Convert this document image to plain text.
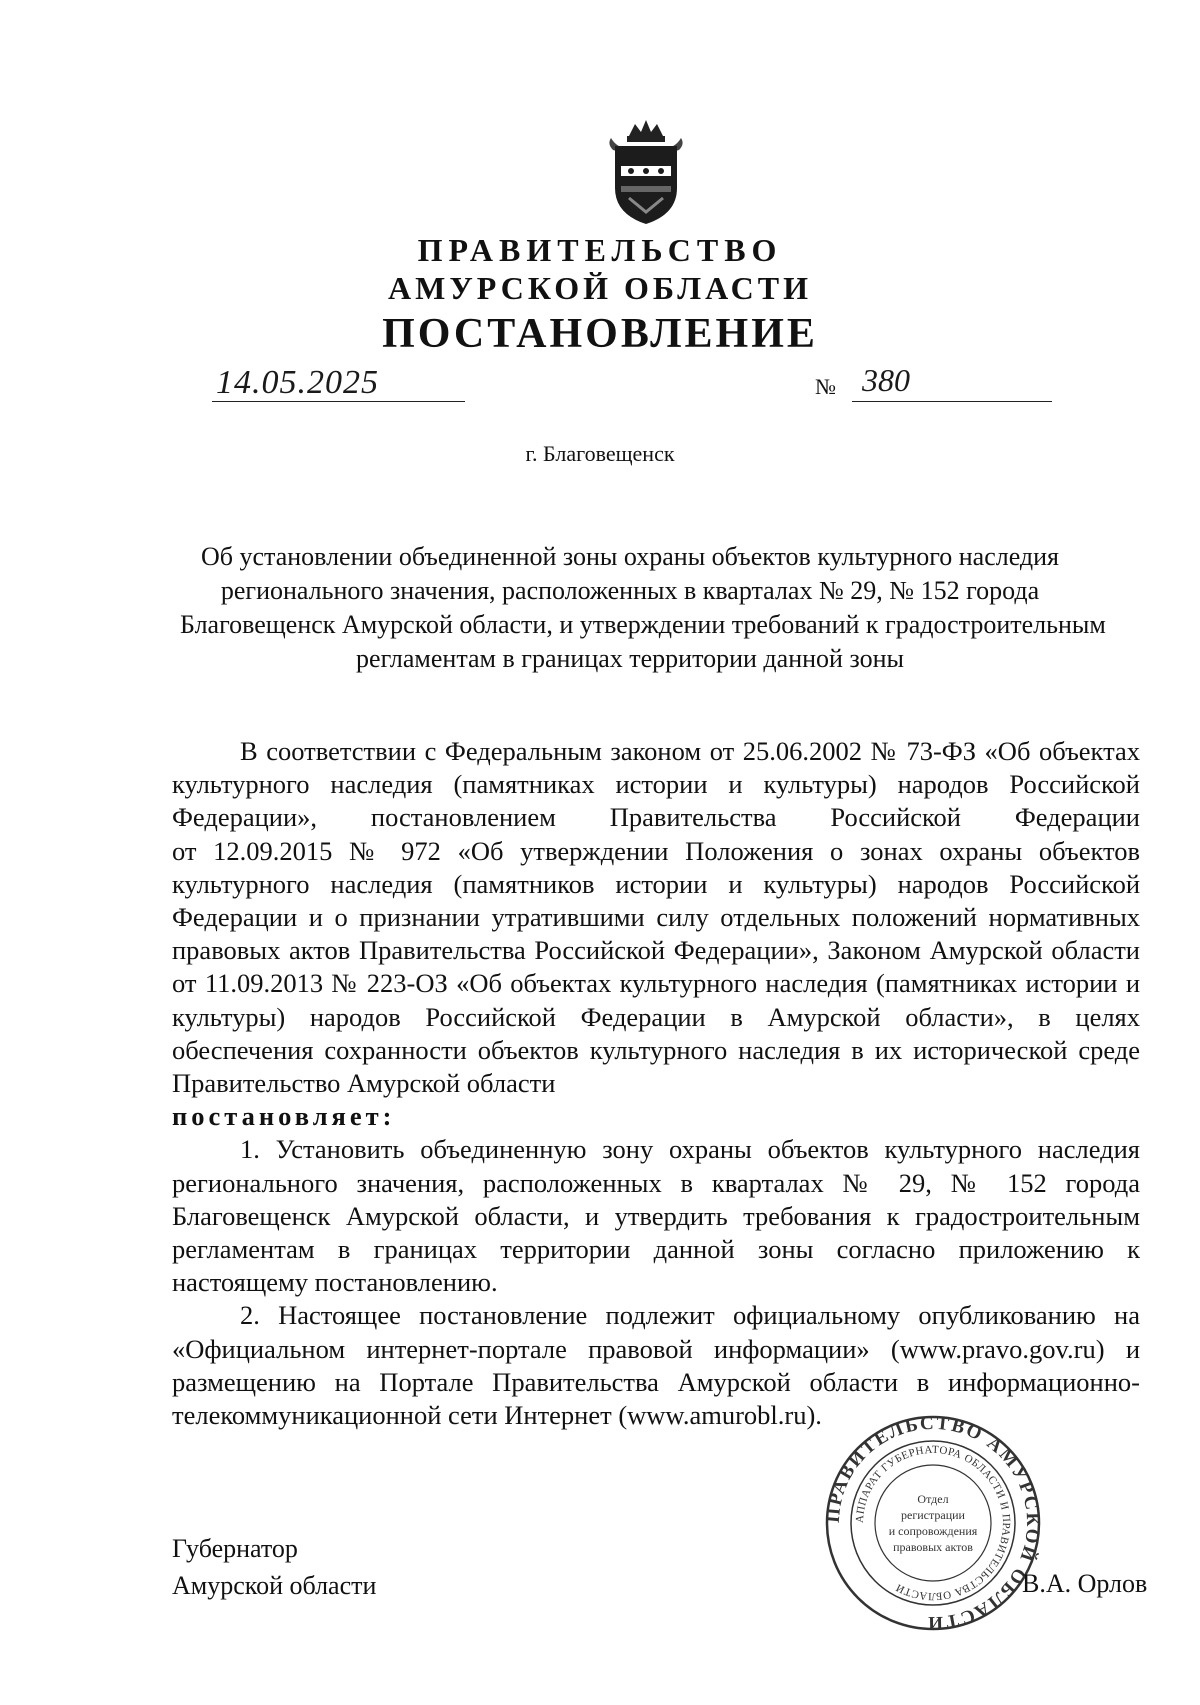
ПРАВИТЕЛЬСТВО
АМУРСКОЙ ОБЛАСТИ
ПОСТАНОВЛЕНИЕ
14.05.2025	№ 380
г. Благовещенск
Об установлении объединенной зоны охраны объектов культурного наследия
регионального значения, расположенных в кварталах № 29, № 152 города
Благовещенск Амурской области, и утверждении требований к градостроительным
регламентам в границах территории данной зоны
В соответствии с Федеральным законом от 25.06.2002 № 73-ФЗ «Об объектах
культурного наследия (памятниках истории и культуры) народов Российской
Федерации», постановлением Правительства Российской Федерации
от 12.09.2015 № 972 «Об утверждении Положения о зонах охраны объектов
культурного наследия (памятников истории и культуры) народов Российской
Федерации и о признании утратившими силу отдельных положений нормативных
правовых актов Правительства Российской Федерации», Законом Амурской области
от 11.09.2013 № 223-ОЗ «Об объектах культурного наследия (памятниках истории и
культуры) народов Российской Федерации в Амурской области», в целях
обеспечения сохранности объектов культурного наследия в их исторической среде
Правительство Амурской области
постановляет:
1. Установить объединенную зону охраны объектов культурного наследия
регионального значения, расположенных в кварталах № 29, № 152 города
Благовещенск Амурской области, и утвердить требования к градостроительным
регламентам в границах территории данной зоны согласно приложению к
настоящему постановлению.
2. Настоящее постановление подлежит официальному опубликованию на
«Официальном интернет-портале правовой информации» (www.pravo.gov.ru) и
размещению на Портале Правительства Амурской области в информационно-
телекоммуникационной сети Интернет (www.amurobl.ru).
Губернатор
Амурской области
ПРАВИТЕЛЬСТВО АМУРСКОЙ ОБЛАСТИ
АППАРАТ ГУБЕРНАТОРА ОБЛАСТИ И ПРАВИТЕЛЬСТВА ОБЛАСТИ
Отдел
регистрации
и сопровождения
правовых актов
В.А. Орлов
